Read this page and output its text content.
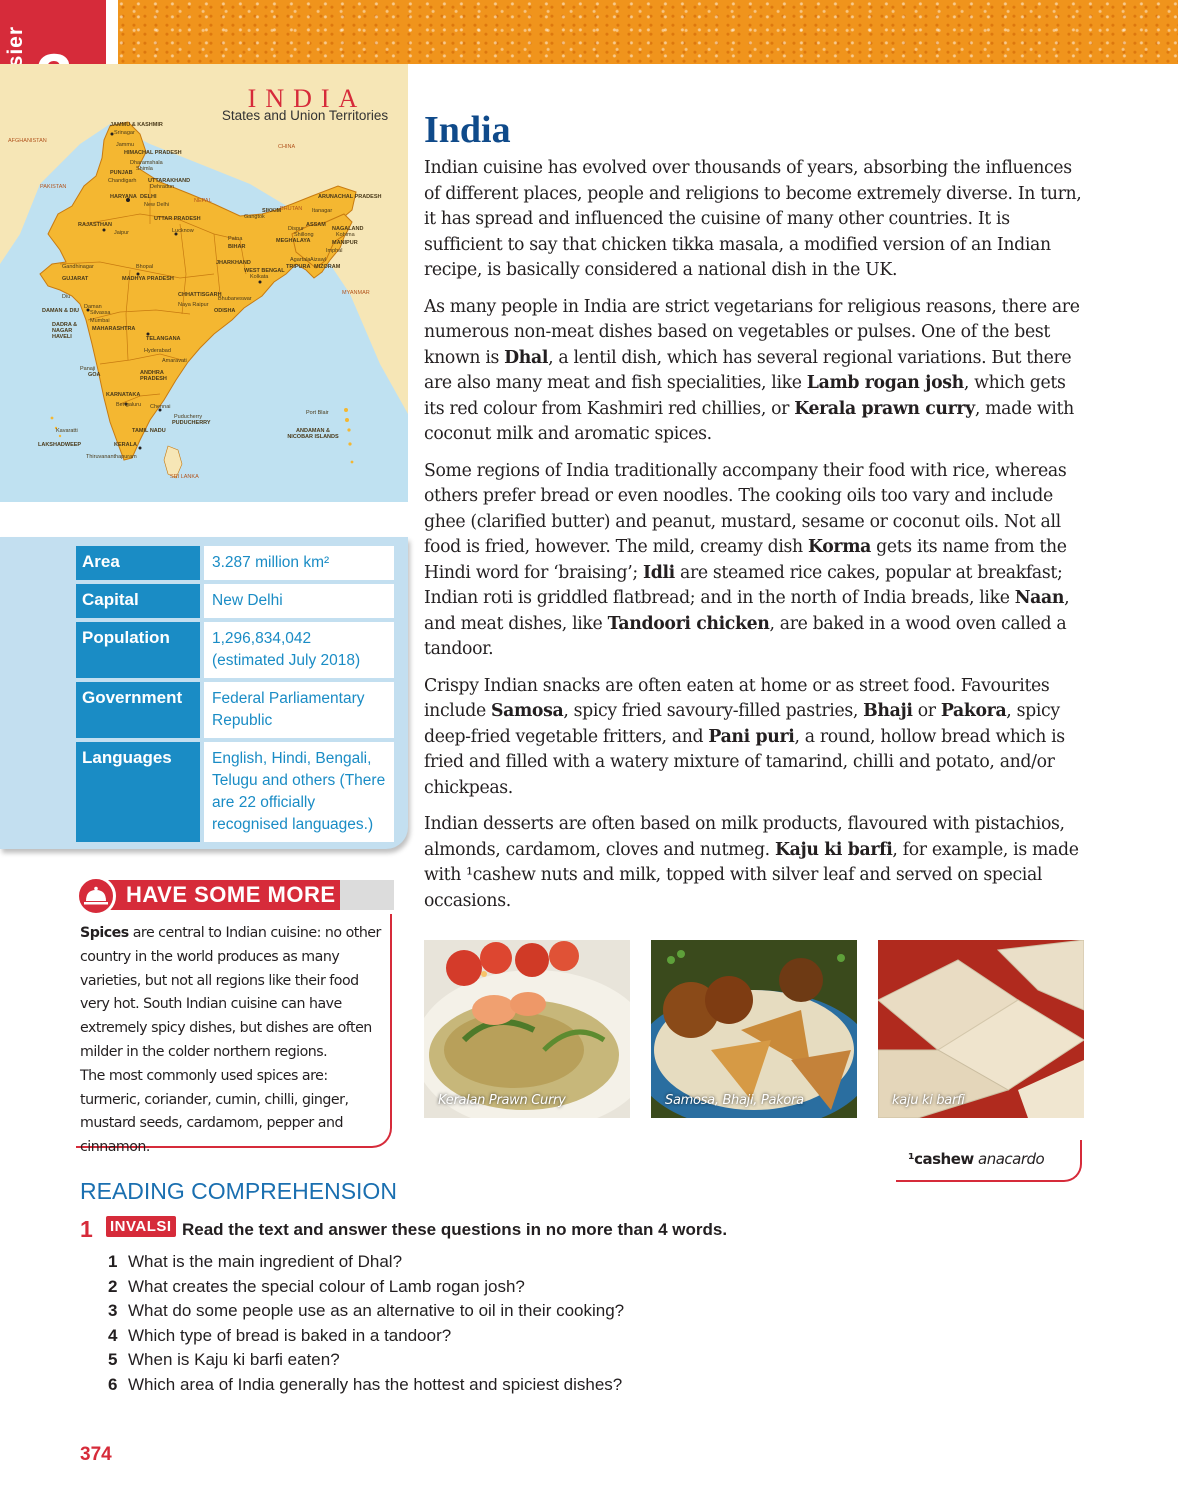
INDIA
States and Union Territories
JAMMU & KASHMIR
Srinagar
Jammu
HIMACHAL PRADESH
Dharamshala
Shimla
PUNJAB
Chandigarh UTTARAKHAND
Dehradun
HARYANA DELHI
New Delhi
RAJASTHAN
Jaipur
UTTAR PRADESH
Lucknow
SIKKIM
Gangtok
ARUNACHAL PRADESH
Itanagar
ASSAM
Dispur	NAGALAND
Kohima
MEGHALAYA
Shillong
MANIPUR
Imphal
BIHAR
Patna
JHARKHAND
WEST BENGAL
Kolkata
TRIPURA
Agartala
MIZORAM
Aizawl
GUJARAT
Gandhinagar
MADHYA PRADESH
Bhopal
CHHATTISGARH
Naya Raipur
ODISHA
Bhubaneswar
DAMAN & DIU
Diu
Daman
DADRA & NAGAR HAVELI
Silvassa
Mumbai
MAHARASHTRA
TELANGANA
Hyderabad
Amaravati
ANDHRA PRADESH
Panaji
GOA
KARNATAKA
Bengaluru Chennai
Puducherry
PUDUCHERRY
TAMIL NADU
KERALA
Kavaratti
LAKSHADWEEP
Thiruvananthapuram
Port Blair
ANDAMAN & NICOBAR ISLANDS
AFGHANISTAN
PAKISTAN
CHINA
NEPAL
BHUTAN
MYANMAR
SRI LANKA
Area	3.287 million km²
Capital	New Delhi
Population	1,296,834,042 (estimated July 2018)
Government	Federal Parliamentary Republic
Languages	English, Hindi, Bengali, Telugu and others (There are 22 officially recognised languages.)
HAVE SOME MORE
Spices are central to Indian cuisine: no other country in the world produces as many varieties, but not all regions like their food very hot. South Indian cuisine can have extremely spicy dishes, but dishes are often milder in the colder northern regions.
The most commonly used spices are: turmeric, coriander, cumin, chilli, ginger, mustard seeds, cardamom, pepper and cinnamon.
India

Indian cuisine has evolved over thousands of years, absorbing the influences of different places, people and religions to become extremely diverse. In turn, it has spread and influenced the cuisine of many other countries. It is sufficient to say that chicken tikka masala, a modified version of an Indian recipe, is basically considered a national dish in the UK.

As many people in India are strict vegetarians for religious reasons, there are numerous non-meat dishes based on vegetables or pulses. One of the best known is Dhal, a lentil dish, which has several regional variations. But there are also many meat and fish specialities, like Lamb rogan josh, which gets its red colour from Kashmiri red chillies, or Kerala prawn curry, made with coconut milk and aromatic spices.

Some regions of India traditionally accompany their food with rice, whereas others prefer bread or even noodles. The cooking oils too vary and include ghee (clarified butter) and peanut, mustard, sesame or coconut oils. Not all food is fried, however. The mild, creamy dish Korma gets its name from the Hindi word for ‘braising’; Idli are steamed rice cakes, popular at breakfast; Indian roti is griddled flatbread; and in the north of India breads, like Naan, and meat dishes, like Tandoori chicken, are baked in a wood oven called a tandoor.

Crispy Indian snacks are often eaten at home or as street food. Favourites include Samosa, spicy fried savoury-filled pastries, Bhaji or Pakora, spicy deep-fried vegetable fritters, and Pani puri, a round, hollow bread which is fried and filled with a watery mixture of tamarind, chilli and potato, and/or chickpeas.

Indian desserts are often based on milk products, flavoured with pistachios, almonds, cardamom, cloves and nutmeg. Kaju ki barfi, for example, is made with ¹cashew nuts and milk, topped with silver leaf and served on special occasions.

Keralan Prawn Curry	Samosa, Bhaji, Pakora	kaju ki barfi
¹cashew anacardo
READING COMPREHENSION
1 INVALSI Read the text and answer these questions in no more than 4 words.
1 What is the main ingredient of Dhal?
2 What creates the special colour of Lamb rogan josh?
3 What do some people use as an alternative to oil in their cooking?
4 Which type of bread is baked in a tandoor?
5 When is Kaju ki barfi eaten?
6 Which area of India generally has the hottest and spiciest dishes?
374
